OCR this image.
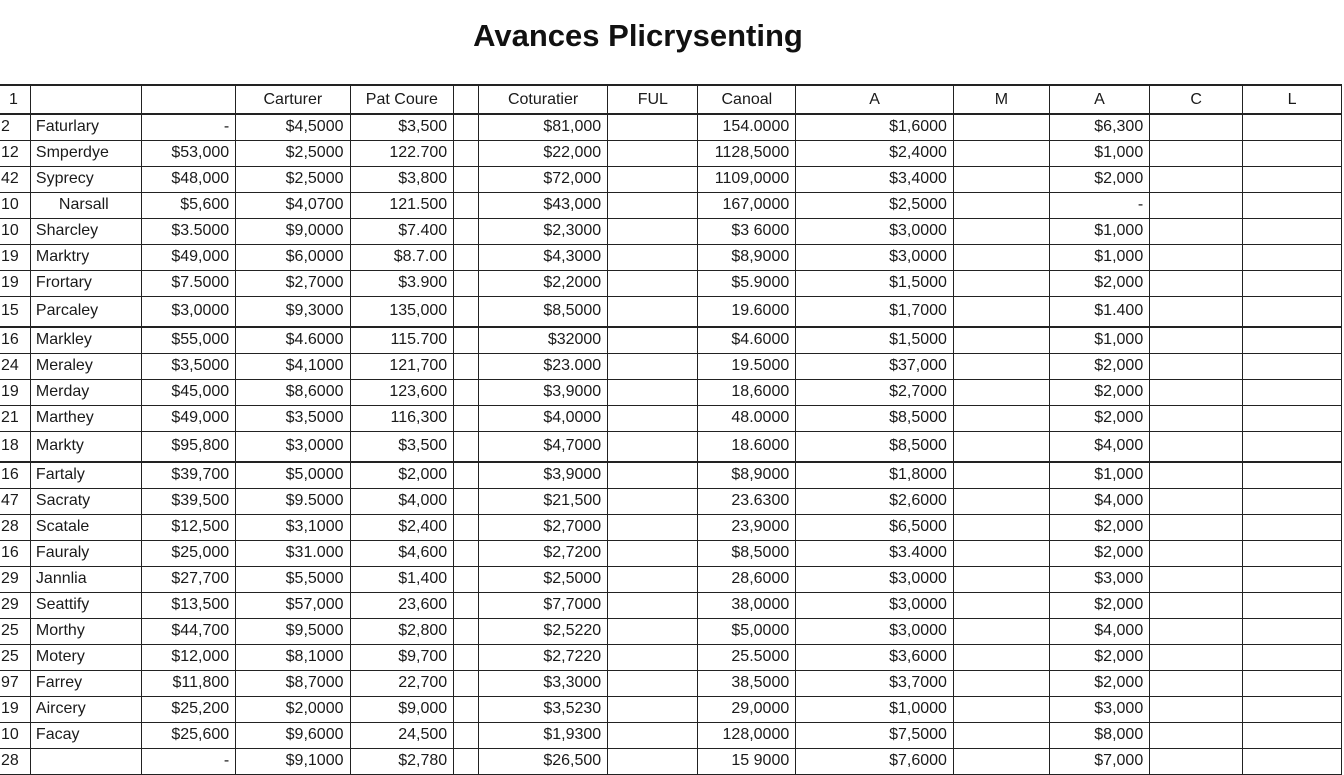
Avances Plicrysenting
1			Carturer	Pat Coure		Coturatier	FUL	Canoal	A	M	A	C	L
2	Faturlary	-	$4,5000	$3,500		$81,000		154.0000	$1,6000		$6,300		
12	Smperdye	$53,000	$2,5000	122.700		$22,000		1128,5000	$2,4000		$1,000		
42	Syprecy	$48,000	$2,5000	$3,800		$72,000		1109,0000	$3,4000		$2,000		
10	Narsall	$5,600	$4,0700	121.500		$43,000		167,0000	$2,5000		-		
10	Sharcley	$3.5000	$9,0000	$7.400		$2,3000		$3 6000	$3,0000		$1,000		
19	Marktry	$49,000	$6,0000	$8.7.00		$4,3000		$8,9000	$3,0000		$1,000		
19	Frortary	$7.5000	$2,7000	$3.900		$2,2000		$5.9000	$1,5000		$2,000		
15	Parcaley	$3,0000	$9,3000	135,000		$8,5000		19.6000	$1,7000		$1.400		
16	Markley	$55,000	$4.6000	115.700		$32000		$4.6000	$1,5000		$1,000		
24	Meraley	$3,5000	$4,1000	121,700		$23.000		19.5000	$37,000		$2,000		
19	Merday	$45,000	$8,6000	123,600		$3,9000		18,6000	$2,7000		$2,000		
21	Marthey	$49,000	$3,5000	116,300		$4,0000		48.0000	$8,5000		$2,000		
18	Markty	$95,800	$3,0000	$3,500		$4,7000		18.6000	$8,5000		$4,000		
16	Fartaly	$39,700	$5,0000	$2,000		$3,9000		$8,9000	$1,8000		$1,000		
47	Sacraty	$39,500	$9.5000	$4,000		$21,500		23.6300	$2,6000		$4,000		
28	Scatale	$12,500	$3,1000	$2,400		$2,7000		23,9000	$6,5000		$2,000		
16	Fauraly	$25,000	$31.000	$4,600		$2,7200		$8,5000	$3.4000		$2,000		
29	Jannlia	$27,700	$5,5000	$1,400		$2,5000		28,6000	$3,0000		$3,000		
29	Seattify	$13,500	$57,000	23,600		$7,7000		38,0000	$3,0000		$2,000		
25	Morthy	$44,700	$9,5000	$2,800		$2,5220		$5,0000	$3,0000		$4,000		
25	Motery	$12,000	$8,1000	$9,700		$2,7220		25.5000	$3,6000		$2,000		
97	Farrey	$11,800	$8,7000	22,700		$3,3000		38,5000	$3,7000		$2,000		
19	Aircery	$25,200	$2,0000	$9,000		$3,5230		29,0000	$1,0000		$3,000		
10	Facay	$25,600	$9,6000	24,500		$1,9300		128,0000	$7,5000		$8,000		
28		-	$9,1000	$2,780		$26,500		15 9000	$7,6000		$7,000		
